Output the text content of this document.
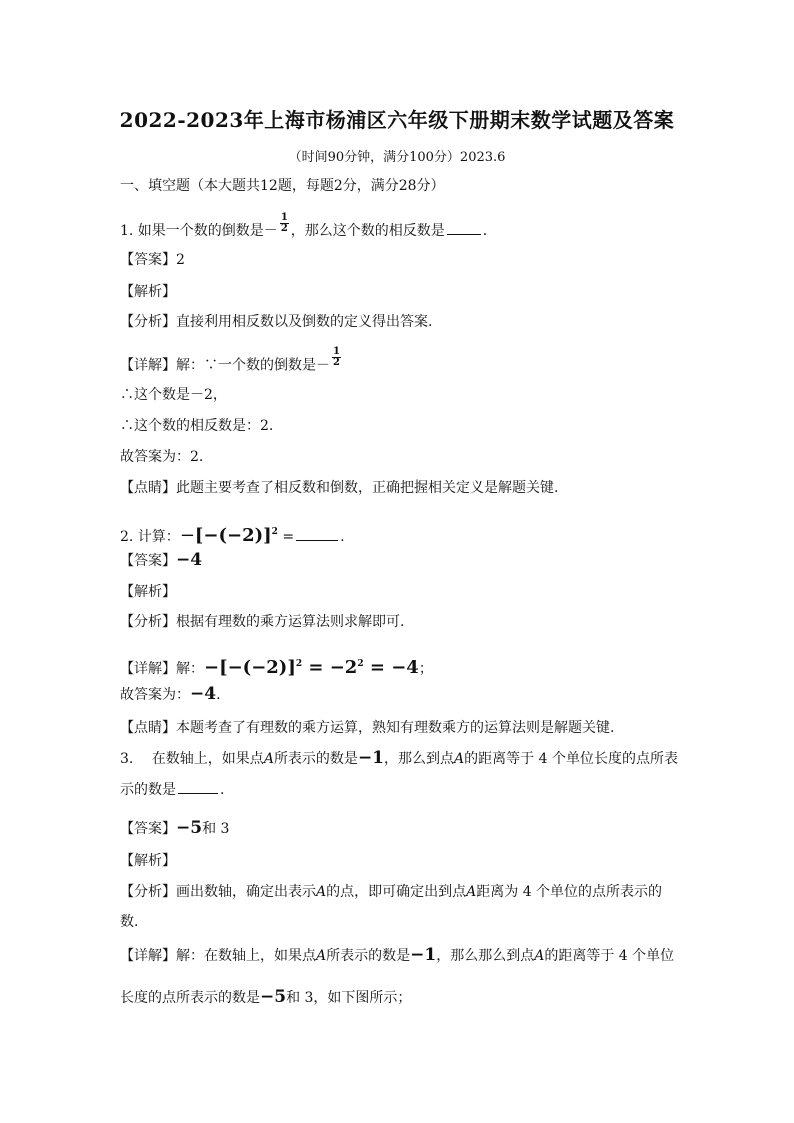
2022-2023年上海市杨浦区六年级下册期末数学试题及答案
（时间90分钟，满分100分）2023.6
一、填空题（本大题共12题，每题2分，满分28分）
1. 如果一个数的倒数是－ $\frac{1}{2}$ ，那么这个数的相反数是	.
【答案】2
【解析】
【分析】直接利用相反数以及倒数的定义得出答案.
【详解】解：∵一个数的倒数是－ $\frac{1}{2}$
∴这个数是－2，
∴这个数的相反数是：2.
故答案为：2.
【点睛】此题主要考查了相反数和倒数，正确把握相关定义是解题关键.
2. 计算：$-[-(-2)]^2$ =	.
【答案】−4
【解析】
【分析】根据有理数的乘方运算法则求解即可.
【详解】解：$-[-(-2)]^2 = -2^2 = -4$；
故答案为：−4.
【点睛】本题考查了有理数的乘方运算，熟知有理数乘方的运算法则是解题关键.
3.　 在数轴上，如果点A所表示的数是−1，那么到点A的距离等于 4 个单位长度的点所表
示的数是	.
【答案】−5和 3
【解析】
【分析】画出数轴，确定出表示A的点，即可确定出到点A距离为 4 个单位的点所表示的
数.
【详解】解：在数轴上，如果点A所表示的数是−1，那么那么到点A的距离等于 4 个单位
长度的点所表示的数是−5和 3，如下图所示；
